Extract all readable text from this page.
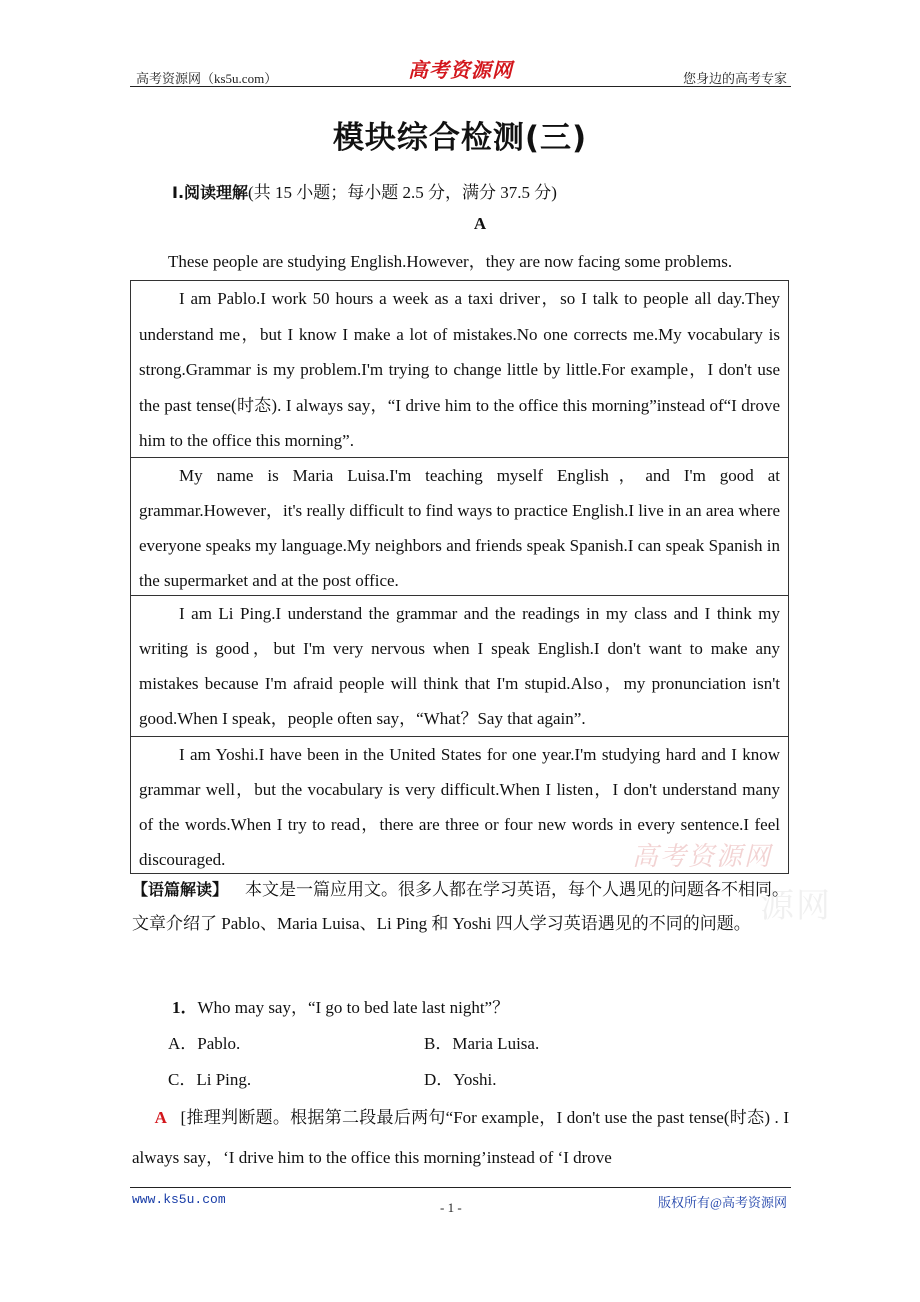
高考资源网（ks5u.com）	高考资源网	您身边的高考专家
模块综合检测(三)
Ⅰ.阅读理解(共 15 小题；每小题 2.5 分，满分 37.5 分)
A
These people are studying English.However，they are now facing some problems.

I am Pablo.I work 50 hours a week as a taxi driver，so I talk to people all day.They understand me，but I know I make a lot of mistakes.No one corrects me.My vocabulary is strong.Grammar is my problem.I'm trying to change little by little.For example，I don't use the past tense(时态). I always say，“I drive him to the office this morning”instead of“I drove him to the office this morning”.

My name is Maria Luisa.I'm teaching myself English，and I'm good at grammar.However，it's really difficult to find ways to practice English.I live in an area where everyone speaks my language.My neighbors and friends speak Spanish.I can speak Spanish in the supermarket and at the post office.

I am Li Ping.I understand the grammar and the readings in my class and I think my writing is good，but I'm very nervous when I speak English.I don't want to make any mistakes because I'm afraid people will think that I'm stupid.Also，my pronunciation isn't good.When I speak，people often say，“What？Say that again”.

I am Yoshi.I have been in the United States for one year.I'm studying hard and I know grammar well，but the vocabulary is very difficult.When I listen，I don't understand many of the words.When I try to read，there are three or four new words in every sentence.I feel discouraged.	高考资源网
源网
【语篇解读】 本文是一篇应用文。很多人都在学习英语，每个人遇见的问题各不相同。文章介绍了 Pablo、Maria Luisa、Li Ping 和 Yoshi 四人学习英语遇见的不同的问题。
1．Who may say，“I go to bed late last night”？
A．Pablo.	B．Maria Luisa.
C．Li Ping.	D．Yoshi.
A [推理判断题。根据第二段最后两句“For example，I don't use the past tense(时态) . I always say，‘I drive him to the office this morning’instead of ‘I drove
www.ks5u.com
- 1 -	版权所有@高考资源网
